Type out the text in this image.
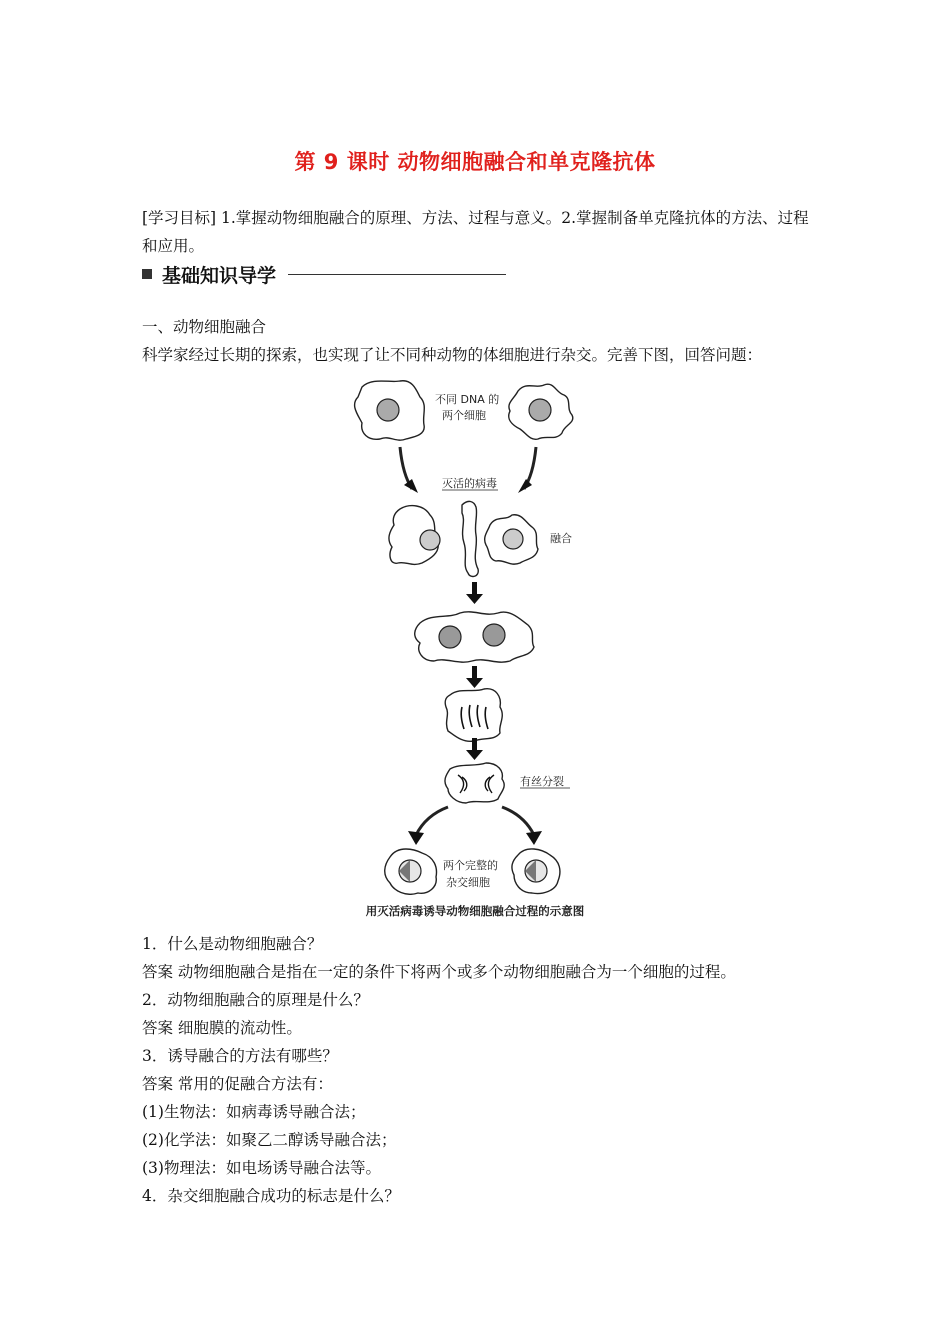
第 9 课时 动物细胞融合和单克隆抗体
[学习目标] 1.掌握动物细胞融合的原理、方法、过程与意义。2.掌握制备单克隆抗体的方法、过程和应用。
基础知识导学
一、动物细胞融合
科学家经过长期的探索，也实现了让不同种动物的体细胞进行杂交。完善下图，回答问题：
不同 DNA 的
两个细胞
灭活的病毒
融合
有丝分裂
两个完整的
杂交细胞
用灭活病毒诱导动物细胞融合过程的示意图
1．什么是动物细胞融合？
答案 动物细胞融合是指在一定的条件下将两个或多个动物细胞融合为一个细胞的过程。
2．动物细胞融合的原理是什么？
答案 细胞膜的流动性。
3．诱导融合的方法有哪些？
答案 常用的促融合方法有：
(1)生物法：如病毒诱导融合法；
(2)化学法：如聚乙二醇诱导融合法；
(3)物理法：如电场诱导融合法等。
4．杂交细胞融合成功的标志是什么？
